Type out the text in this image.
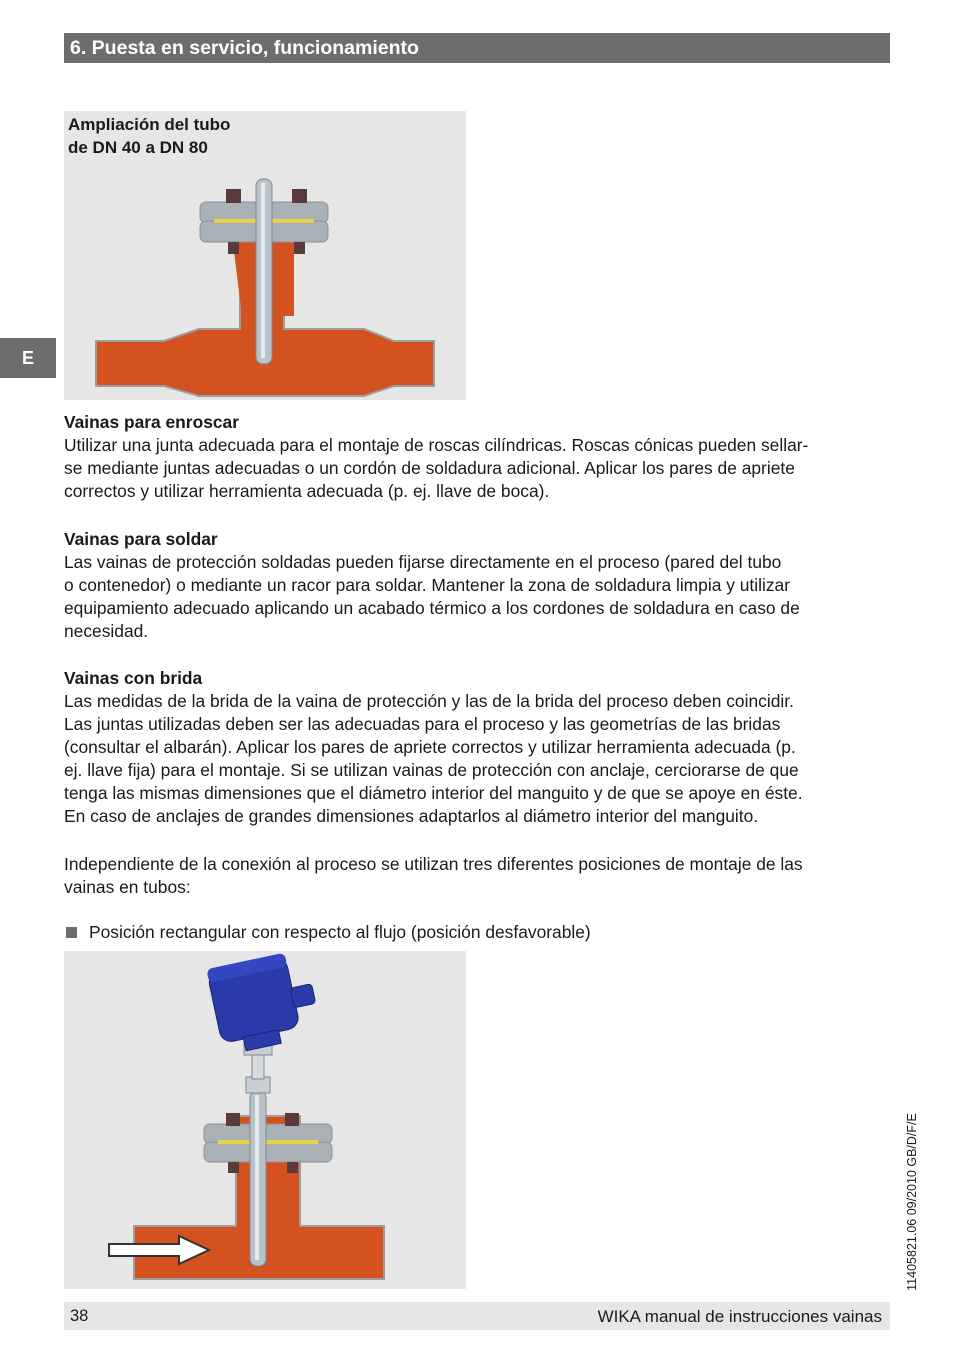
6. Puesta en servicio, funcionamiento
E
Ampliación del tubo
de DN 40 a DN 80
Vainas para enroscar

Utilizar una junta adecuada para el montaje de roscas cilíndricas. Roscas cónicas pueden sellar-

se mediante juntas adecuadas o un cordón de soldadura adicional. Aplicar los pares de apriete

correctos y utilizar herramienta adecuada (p. ej. llave de boca).

Vainas para soldar

Las vainas de protección soldadas pueden fijarse directamente en el proceso (pared del tubo

o contenedor) o mediante un racor para soldar. Mantener la zona de soldadura limpia y utilizar

equipamiento adecuado aplicando un acabado térmico a los cordones de soldadura en caso de

necesidad.

Vainas con brida

Las medidas de la brida de la vaina de protección y las de la brida del proceso deben coincidir.

Las juntas utilizadas deben ser las adecuadas para el proceso y las geometrías de las bridas

(consultar el albarán). Aplicar los pares de apriete correctos y utilizar herramienta adecuada (p.

ej. llave fija) para el montaje. Si se utilizan vainas de protección con anclaje, cerciorarse de que

tenga las mismas dimensiones que el diámetro interior del manguito y de que se apoye en éste.

En caso de anclajes de grandes dimensiones adaptarlos al diámetro interior del manguito.

Independiente de la conexión al proceso se utilizan tres diferentes posiciones de montaje de las

vainas en tubos:

Posición rectangular con respecto al flujo (posición desfavorable)
11405821.06 09/2010 GB/D/F/E
38	WIKA manual de instrucciones vainas
